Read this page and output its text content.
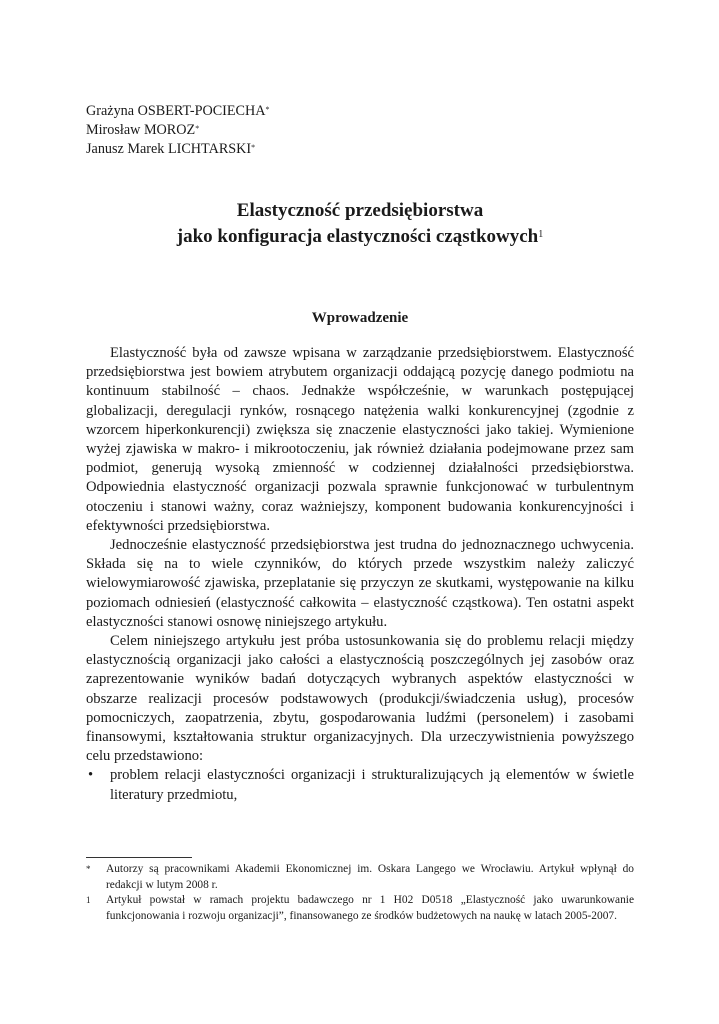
Grażyna OSBERT-POCIECHA*
Mirosław MOROZ*
Janusz Marek LICHTARSKI*
Elastyczność przedsiębiorstwa
jako konfiguracja elastyczności cząstkowych$^1$
Wprowadzenie

Elastyczność była od zawsze wpisana w zarządzanie przedsiębiorstwem. Elastyczność przedsiębiorstwa jest bowiem atrybutem organizacji oddającą pozycję danego podmiotu na kontinuum stabilność – chaos. Jednakże współcześnie, w warunkach postępującej globalizacji, deregulacji rynków, rosnącego natężenia walki konkurencyjnej (zgodnie z wzorcem hiperkonkurencji) zwiększa się znaczenie elastyczności jako takiej. Wymienione wyżej zjawiska w makro- i mikrootoczeniu, jak również działania podejmowane przez sam podmiot, generują wysoką zmienność w codziennej działalności przedsiębiorstwa. Odpowiednia elastyczność organizacji pozwala sprawnie funkcjonować w turbulentnym otoczeniu i stanowi ważny, coraz ważniejszy, komponent budowania konkurencyjności i efektywności przedsiębiorstwa.

Jednocześnie elastyczność przedsiębiorstwa jest trudna do jednoznacznego uchwycenia. Składa się na to wiele czynników, do których przede wszystkim należy zaliczyć wielowymiarowość zjawiska, przeplatanie się przyczyn ze skutkami, występowanie na kilku poziomach odniesień (elastyczność całkowita – elastyczność cząstkowa). Ten ostatni aspekt elastyczności stanowi osnowę niniejszego artykułu.

Celem niniejszego artykułu jest próba ustosunkowania się do problemu relacji między elastycznością organizacji jako całości a elastycznością poszczególnych jej zasobów oraz zaprezentowanie wyników badań dotyczących wybranych aspektów elastyczności w obszarze realizacji procesów podstawowych (produkcji/świadczenia usług), procesów pomocniczych, zaopatrzenia, zbytu, gospodarowania ludźmi (personelem) i zasobami finansowymi, kształtowania struktur organizacyjnych. Dla urzeczywistnienia powyższego celu przedstawiono:

• problem relacji elastyczności organizacji i strukturalizujących ją elementów w świetle literatury przedmiotu,

* Autorzy są pracownikami Akademii Ekonomicznej im. Oskara Langego we Wrocławiu. Artykuł wpłynął do redakcji w lutym 2008 r.

1 Artykuł powstał w ramach projektu badawczego nr 1 H02 D0518 „Elastyczność jako uwarunkowanie funkcjonowania i rozwoju organizacji”, finansowanego ze środków budżetowych na naukę w latach 2005-2007.
